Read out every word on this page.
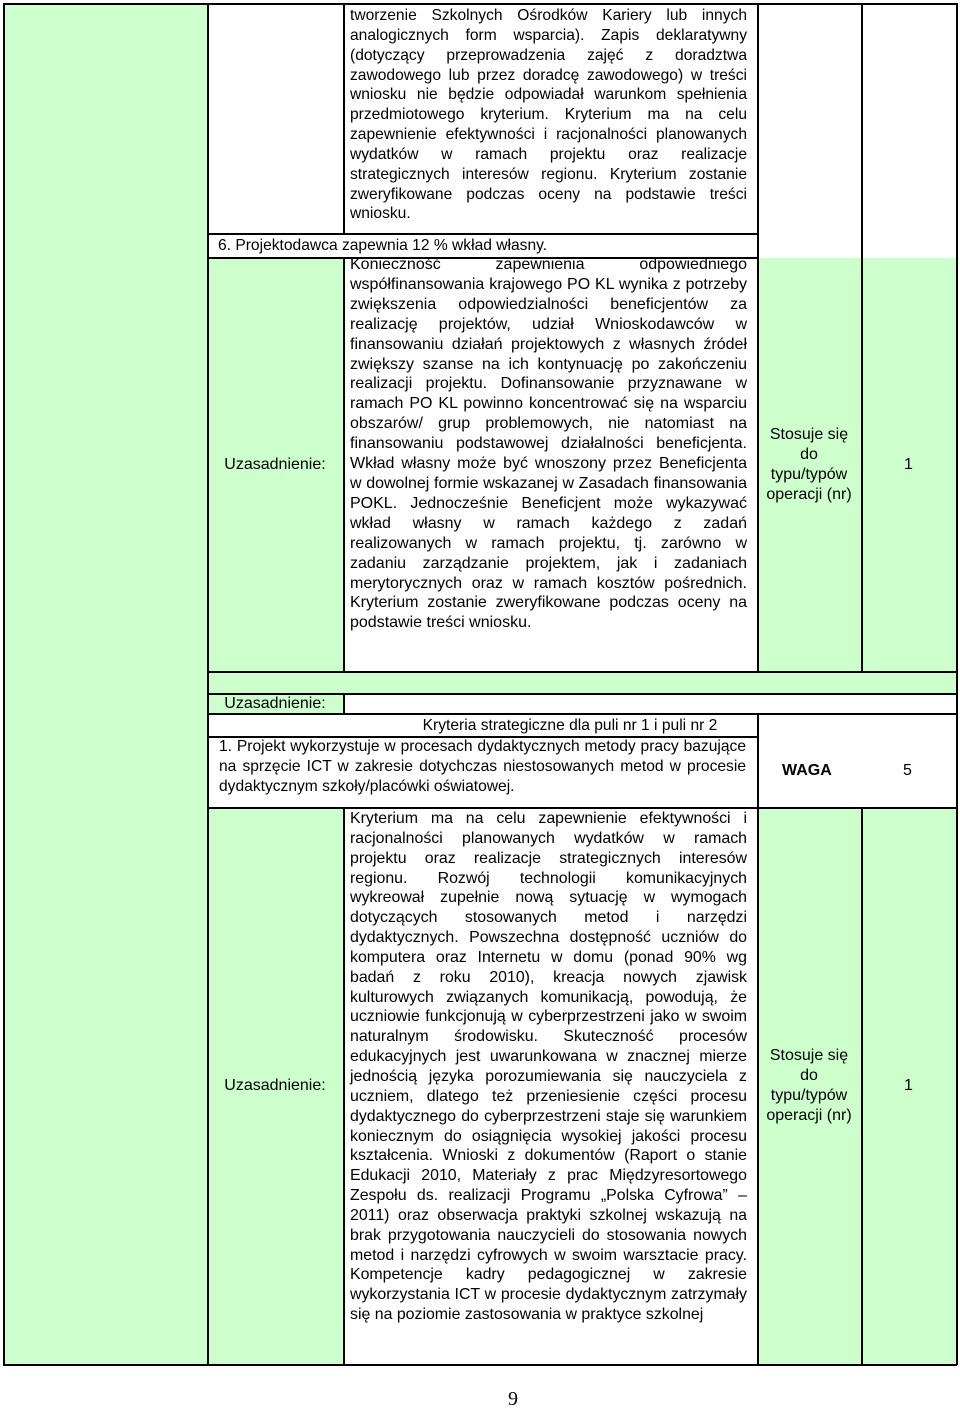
tworzenie Szkolnych Ośrodków Kariery lub innych analogicznych form wsparcia). Zapis deklaratywny (dotyczący przeprowadzenia zajęć z doradztwa zawodowego lub przez doradcę zawodowego) w treści wniosku nie będzie odpowiadał warunkom spełnienia przedmiotowego kryterium. Kryterium ma na celu zapewnienie efektywności i racjonalności planowanych wydatków w ramach projektu oraz realizacje strategicznych interesów regionu. Kryterium zostanie zweryfikowane podczas oceny na podstawie treści wniosku.
6. Projektodawca zapewnia 12 % wkład własny.
Uzasadnienie:
Konieczność zapewnienia odpowiedniego współfinansowania krajowego PO KL wynika z potrzeby zwiększenia odpowiedzialności beneficjentów za realizację projektów, udział Wnioskodawców w finansowaniu działań projektowych z własnych źródeł zwiększy szanse na ich kontynuację po zakończeniu realizacji projektu. Dofinansowanie przyznawane w ramach PO KL powinno koncentrować się na wsparciu obszarów/ grup problemowych, nie natomiast na finansowaniu podstawowej działalności beneficjenta. Wkład własny może być wnoszony przez Beneficjenta w dowolnej formie wskazanej w Zasadach finansowania POKL. Jednocześnie Beneficjent może wykazywać wkład własny w ramach każdego z zadań realizowanych w ramach projektu, tj. zarówno w zadaniu zarządzanie projektem, jak i zadaniach merytorycznych oraz w ramach kosztów pośrednich. Kryterium zostanie zweryfikowane podczas oceny na podstawie treści wniosku.
Stosuje się do typu/typów operacji (nr)
1
Uzasadnienie:
Kryteria strategiczne dla puli nr 1 i puli nr 2
1. Projekt wykorzystuje w procesach dydaktycznych metody pracy bazujące na sprzęcie ICT w zakresie dotychczas niestosowanych metod w procesie dydaktycznym szkoły/placówki oświatowej.
WAGA	5
Uzasadnienie:
Kryterium ma na celu zapewnienie efektywności i racjonalności planowanych wydatków w ramach projektu oraz realizacje strategicznych interesów regionu. Rozwój technologii komunikacyjnych wykreował zupełnie nową sytuację w wymogach dotyczących stosowanych metod i narzędzi dydaktycznych. Powszechna dostępność uczniów do komputera oraz Internetu w domu (ponad 90% wg badań z roku 2010), kreacja nowych zjawisk kulturowych związanych komunikacją, powodują, że uczniowie funkcjonują w cyberprzestrzeni jako w swoim naturalnym środowisku. Skuteczność procesów edukacyjnych jest uwarunkowana w znacznej mierze jednością języka porozumiewania się nauczyciela z uczniem, dlatego też przeniesienie części procesu dydaktycznego do cyberprzestrzeni staje się warunkiem koniecznym do osiągnięcia wysokiej jakości procesu kształcenia. Wnioski z dokumentów (Raport o stanie Edukacji 2010, Materiały z prac Międzyresortowego Zespołu ds. realizacji Programu „Polska Cyfrowa” – 2011) oraz obserwacja praktyki szkolnej wskazują na brak przygotowania nauczycieli do stosowania nowych metod i narzędzi cyfrowych w swoim warsztacie pracy. Kompetencje kadry pedagogicznej w zakresie wykorzystania ICT w procesie dydaktycznym zatrzymały się na poziomie zastosowania w praktyce szkolnej
Stosuje się do typu/typów operacji (nr)
1
9
